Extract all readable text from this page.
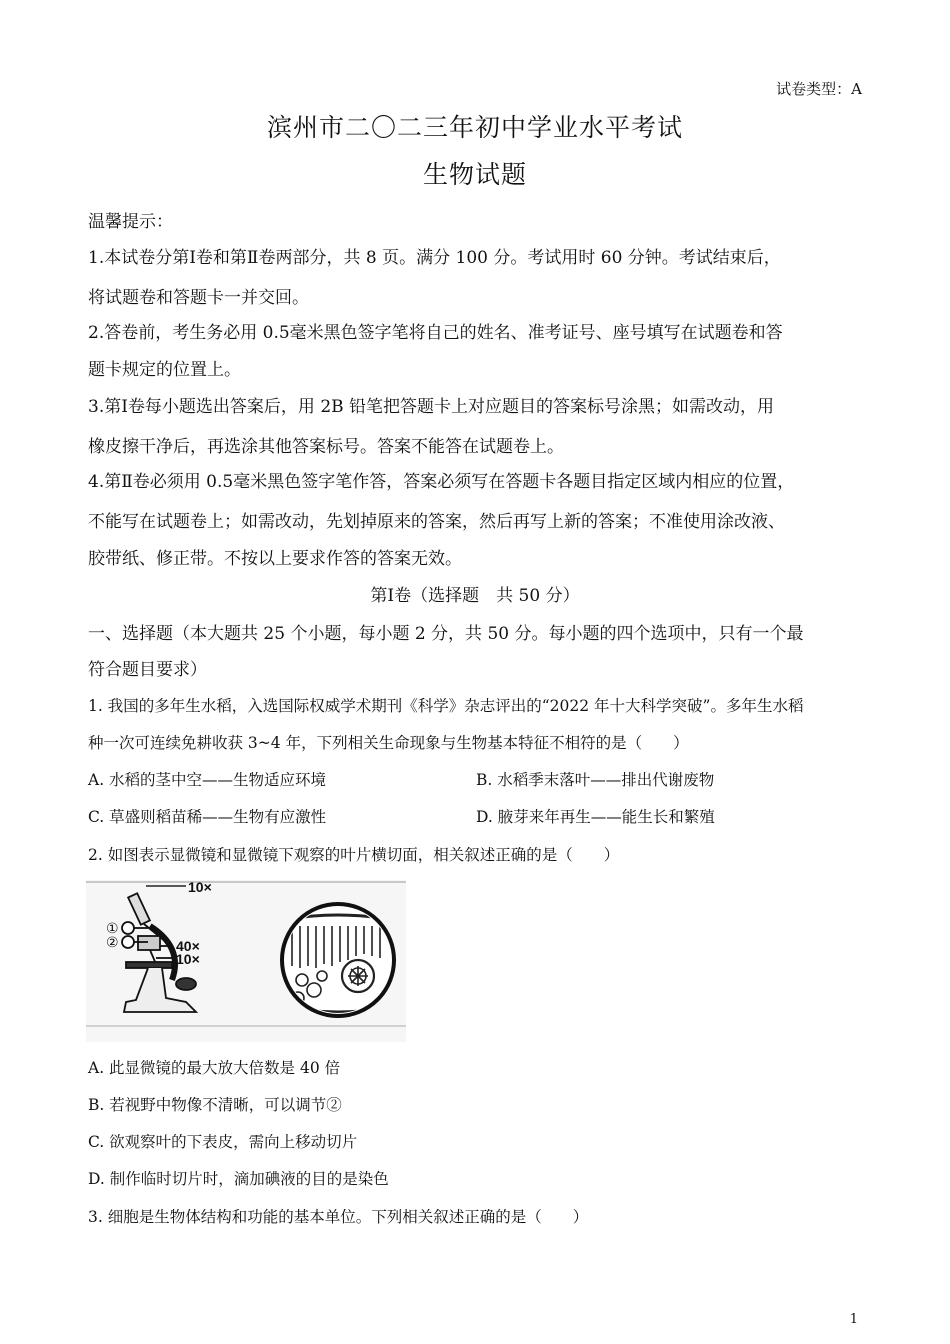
试卷类型：A
滨州市二〇二三年初中学业水平考试
生物试题
温馨提示：
1.本试卷分第Ⅰ卷和第Ⅱ卷两部分，共 8 页。满分 100 分。考试用时 60 分钟。考试结束后，
将试题卷和答题卡一并交回。
2.答卷前，考生务必用 0.5毫米黑色签字笔将自己的姓名、准考证号、座号填写在试题卷和答
题卡规定的位置上。
3.第Ⅰ卷每小题选出答案后，用 2B 铅笔把答题卡上对应题目的答案标号涂黑；如需改动，用
橡皮擦干净后，再选涂其他答案标号。答案不能答在试题卷上。
4.第Ⅱ卷必须用 0.5毫米黑色签字笔作答，答案必须写在答题卡各题目指定区域内相应的位置，
不能写在试题卷上；如需改动，先划掉原来的答案，然后再写上新的答案；不准使用涂改液、
胶带纸、修正带。不按以上要求作答的答案无效。
第Ⅰ卷（选择题　共 50 分）
一、选择题（本大题共 25 个小题，每小题 2 分，共 50 分。每小题的四个选项中，只有一个最
符合题目要求）
1. 我国的多年生水稻，入选国际权威学术期刊《科学》杂志评出的“2022 年十大科学突破”。多年生水稻
种一次可连续免耕收获 3~4 年，下列相关生命现象与生物基本特征不相符的是（　　）
A. 水稻的茎中空——生物适应环境	B. 水稻季末落叶——排出代谢废物
C. 草盛则稻苗稀——生物有应激性	D. 腋芽来年再生——能生长和繁殖
2. 如图表示显微镜和显微镜下观察的叶片横切面，相关叙述正确的是（　　）
10×
①
②	40×
10×
A. 此显微镜的最大放大倍数是 40 倍
B. 若视野中物像不清晰，可以调节②
C. 欲观察叶的下表皮，需向上移动切片
D. 制作临时切片时，滴加碘液的目的是染色
3. 细胞是生物体结构和功能的基本单位。下列相关叙述正确的是（　　）
1
